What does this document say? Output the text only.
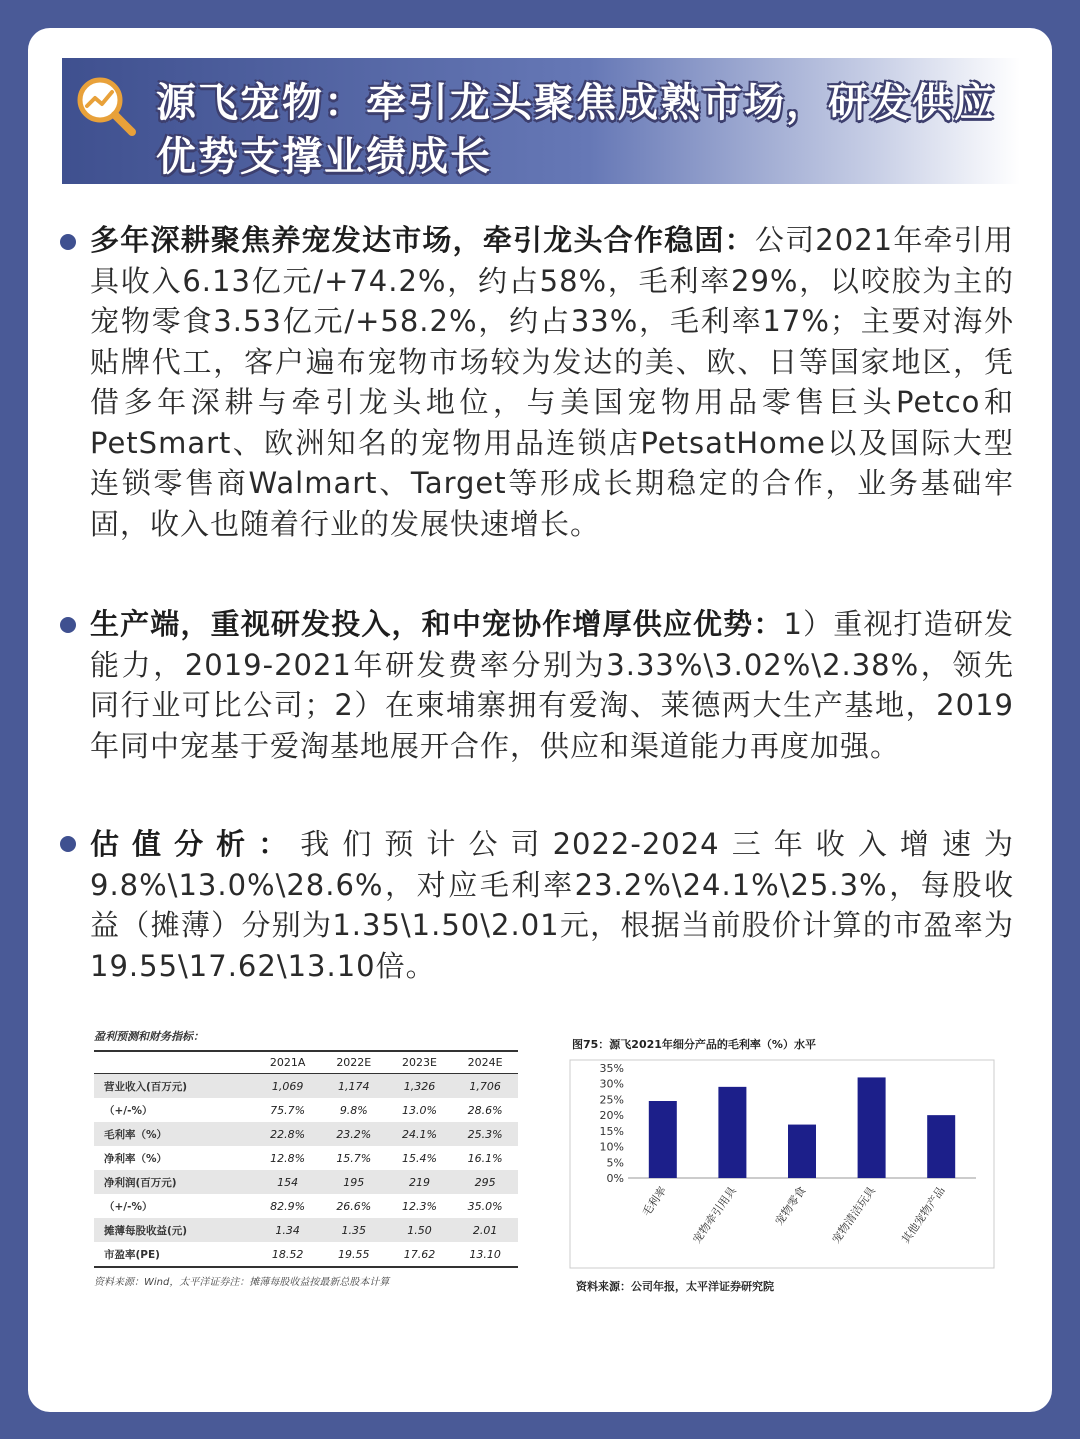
源飞宠物：牵引龙头聚焦成熟市场，研发供应优势支撑业绩成长
多年深耕聚焦养宠发达市场，牵引龙头合作稳固：公司2021年牵引用具收入6.13亿元/+74.2%，约占58%，毛利率29%，以咬胶为主的宠物零食3.53亿元/+58.2%，约占33%，毛利率17%；主要对海外贴牌代工，客户遍布宠物市场较为发达的美、欧、日等国家地区，凭借多年深耕与牵引龙头地位，与美国宠物用品零售巨头Petco和PetSmart、欧洲知名的宠物用品连锁店PetsatHome以及国际大型连锁零售商Walmart、Target等形成长期稳定的合作，业务基础牢固，收入也随着行业的发展快速增长。
生产端，重视研发投入，和中宠协作增厚供应优势：1）重视打造研发能力，2019-2021年研发费率分别为3.33%\3.02%\2.38%，领先同行业可比公司；2）在柬埔寨拥有爱淘、莱德两大生产基地，2019年同中宠基于爱淘基地展开合作，供应和渠道能力再度加强。
估值分析：我们预计公司2022-2024三年收入增速为9.8%\13.0%\28.6%，对应毛利率23.2%\24.1%\25.3%，每股收益（摊薄）分别为1.35\1.50\2.01元，根据当前股价计算的市盈率为19.55\17.62\13.10倍。
盈利预测和财务指标：
	2021A	2022E	2023E	2024E
营业收入(百万元)	1,069	1,174	1,326	1,706
（+/-%）	75.7%	9.8%	13.0%	28.6%
毛利率（%）	22.8%	23.2%	24.1%	25.3%
净利率（%）	12.8%	15.7%	15.4%	16.1%
净利润(百万元)	154	195	219	295
（+/-%）	82.9%	26.6%	12.3%	35.0%
摊薄每股收益(元)	1.34	1.35	1.50	2.01
市盈率(PE)	18.52	19.55	17.62	13.10
资料来源：Wind，太平洋证券注：摊薄每股收益按最新总股本计算
图75：源飞2021年细分产品的毛利率（%）水平
0%
5%
10%
15%
20%
25%
30%
35%
毛利率 宠物牵引用具	宠物零食 宠物清洁玩具 其他宠物产品
资料来源：公司年报，太平洋证券研究院
